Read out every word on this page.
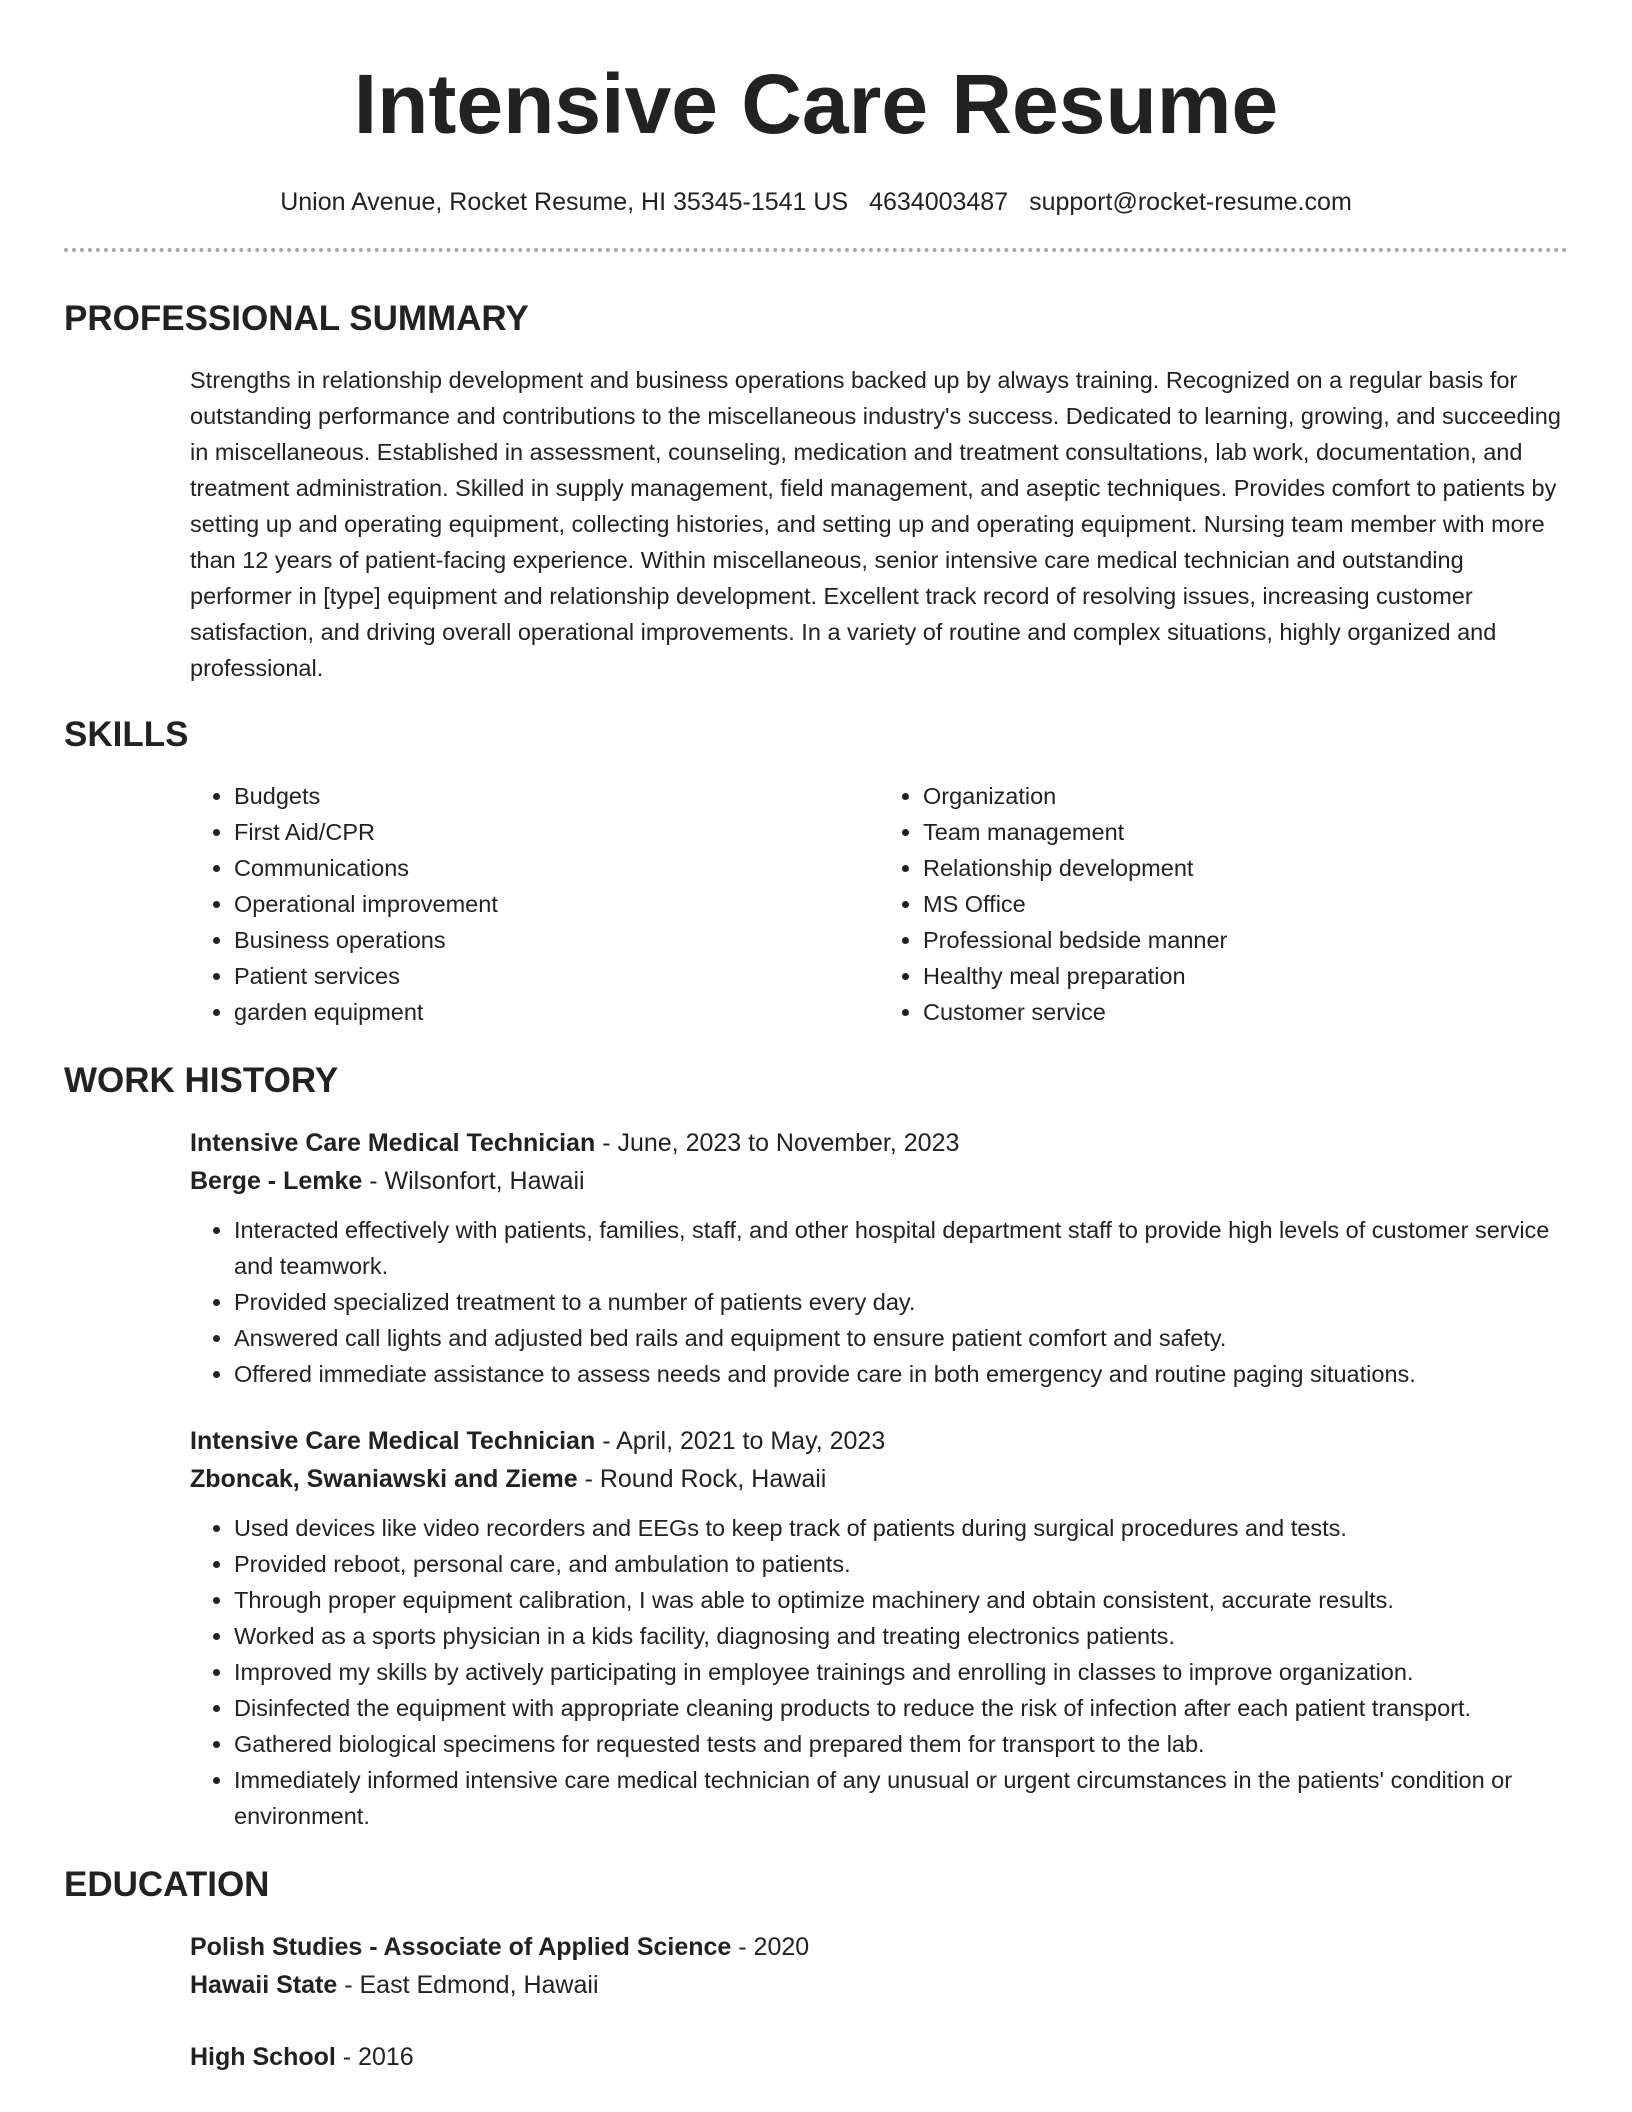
Intensive Care Resume
Union Avenue, Rocket Resume, HI 35345-1541 US 4634003487 support@rocket-resume.com
PROFESSIONAL SUMMARY

Strengths in relationship development and business operations backed up by always training. Recognized on a regular basis for outstanding performance and contributions to the miscellaneous industry's success. Dedicated to learning, growing, and succeeding in miscellaneous. Established in assessment, counseling, medication and treatment consultations, lab work, documentation, and treatment administration. Skilled in supply management, field management, and aseptic techniques. Provides comfort to patients by setting up and operating equipment, collecting histories, and setting up and operating equipment. Nursing team member with more than 12 years of patient-facing experience. Within miscellaneous, senior intensive care medical technician and outstanding performer in [type] equipment and relationship development. Excellent track record of resolving issues, increasing customer satisfaction, and driving overall operational improvements. In a variety of routine and complex situations, highly organized and professional.

SKILLS
• Budgets
• First Aid/CPR
• Communications
• Operational improvement
• Business operations
• Patient services
• garden equipment
• Organization
• Team management
• Relationship development
• MS Office
• Professional bedside manner
• Healthy meal preparation
• Customer service
WORK HISTORY
Intensive Care Medical Technician - June, 2023 to November, 2023
Berge - Lemke - Wilsonfort, Hawaii
• Interacted effectively with patients, families, staff, and other hospital department staff to provide high levels of customer service and teamwork.
• Provided specialized treatment to a number of patients every day.
• Answered call lights and adjusted bed rails and equipment to ensure patient comfort and safety.
• Offered immediate assistance to assess needs and provide care in both emergency and routine paging situations.
Intensive Care Medical Technician - April, 2021 to May, 2023
Zboncak, Swaniawski and Zieme - Round Rock, Hawaii
• Used devices like video recorders and EEGs to keep track of patients during surgical procedures and tests.
• Provided reboot, personal care, and ambulation to patients.
• Through proper equipment calibration, I was able to optimize machinery and obtain consistent, accurate results.
• Worked as a sports physician in a kids facility, diagnosing and treating electronics patients.
• Improved my skills by actively participating in employee trainings and enrolling in classes to improve organization.
• Disinfected the equipment with appropriate cleaning products to reduce the risk of infection after each patient transport.
• Gathered biological specimens for requested tests and prepared them for transport to the lab.
• Immediately informed intensive care medical technician of any unusual or urgent circumstances in the patients' condition or environment.
EDUCATION
Polish Studies - Associate of Applied Science - 2020
Hawaii State - East Edmond, Hawaii
High School - 2016
